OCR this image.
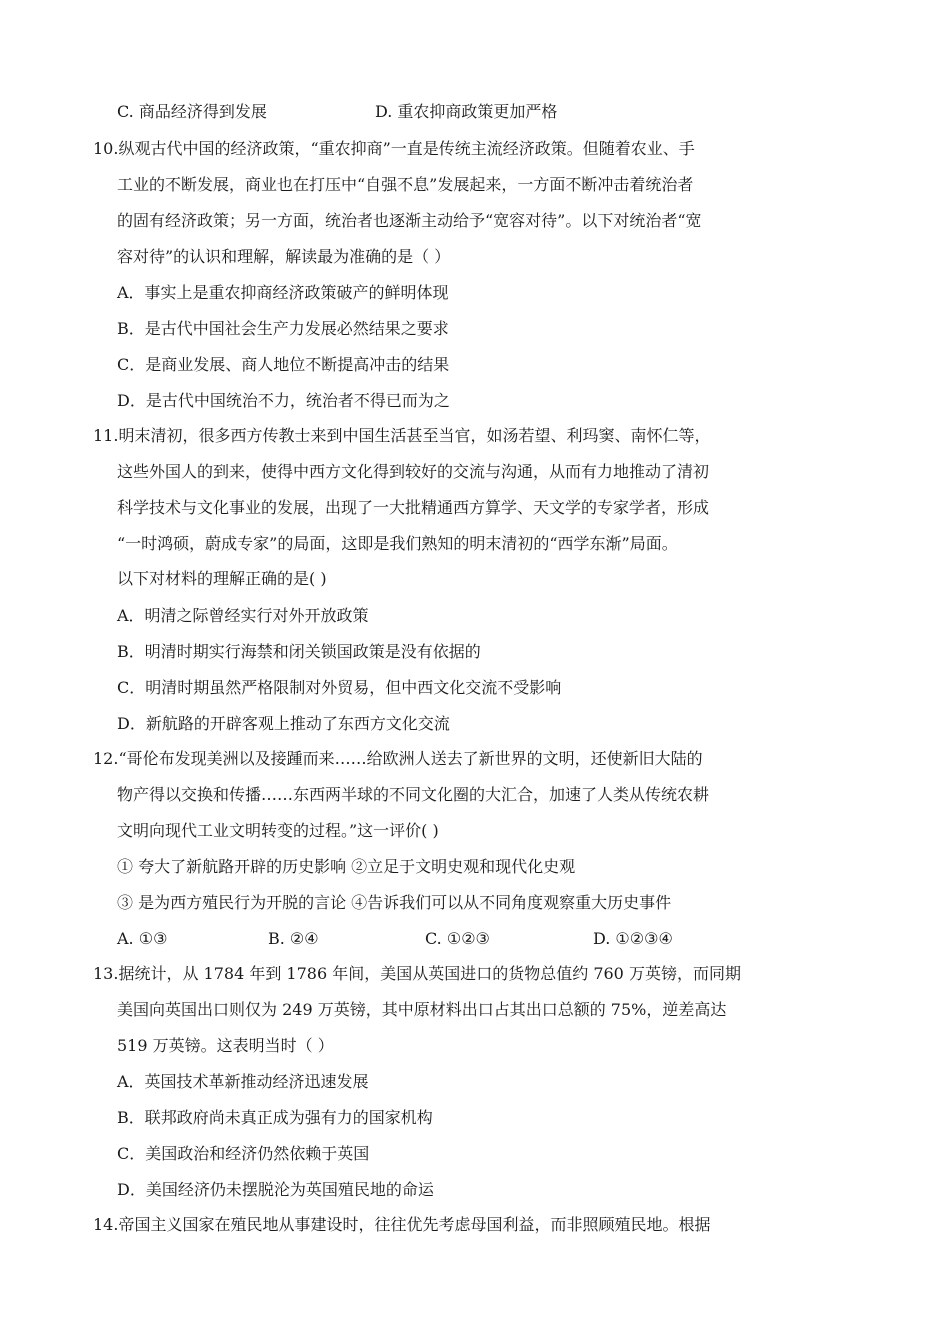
C. 商品经济得到发展	D. 重农抑商政策更加严格
10.纵观古代中国的经济政策，“重农抑商”一直是传统主流经济政策。但随着农业、手
工业的不断发展，商业也在打压中“自强不息”发展起来，一方面不断冲击着统治者
的固有经济政策；另一方面，统治者也逐渐主动给予“宽容对待”。以下对统治者“宽
容对待”的认识和理解，解读最为准确的是（ ）
A．事实上是重农抑商经济政策破产的鲜明体现
B．是古代中国社会生产力发展必然结果之要求
C．是商业发展、商人地位不断提高冲击的结果
D．是古代中国统治不力，统治者不得已而为之
11.明末清初，很多西方传教士来到中国生活甚至当官，如汤若望、利玛窦、南怀仁等，
这些外国人的到来，使得中西方文化得到较好的交流与沟通，从而有力地推动了清初
科学技术与文化事业的发展，出现了一大批精通西方算学、天文学的专家学者，形成
“一时鸿硕，蔚成专家”的局面，这即是我们熟知的明末清初的“西学东渐”局面。
以下对材料的理解正确的是( )
A．明清之际曾经实行对外开放政策
B．明清时期实行海禁和闭关锁国政策是没有依据的
C．明清时期虽然严格限制对外贸易，但中西文化交流不受影响
D．新航路的开辟客观上推动了东西方文化交流
12.“哥伦布发现美洲以及接踵而来……给欧洲人送去了新世界的文明，还使新旧大陆的
物产得以交换和传播……东西两半球的不同文化圈的大汇合，加速了人类从传统农耕
文明向现代工业文明转变的过程。”这一评价( )
① 夸大了新航路开辟的历史影响 ②立足于文明史观和现代化史观
③ 是为西方殖民行为开脱的言论 ④告诉我们可以从不同角度观察重大历史事件
A. ①③	B. ②④	C. ①②③	D. ①②③④
13.据统计，从 1784 年到 1786 年间，美国从英国进口的货物总值约 760 万英镑，而同期
美国向英国出口则仅为 249 万英镑，其中原材料出口占其出口总额的 75%，逆差高达
519 万英镑。这表明当时（ ）
A．英国技术革新推动经济迅速发展
B．联邦政府尚未真正成为强有力的国家机构
C．美国政治和经济仍然依赖于英国
D．美国经济仍未摆脱沦为英国殖民地的命运
14.帝国主义国家在殖民地从事建设时，往往优先考虑母国利益，而非照顾殖民地。根据
